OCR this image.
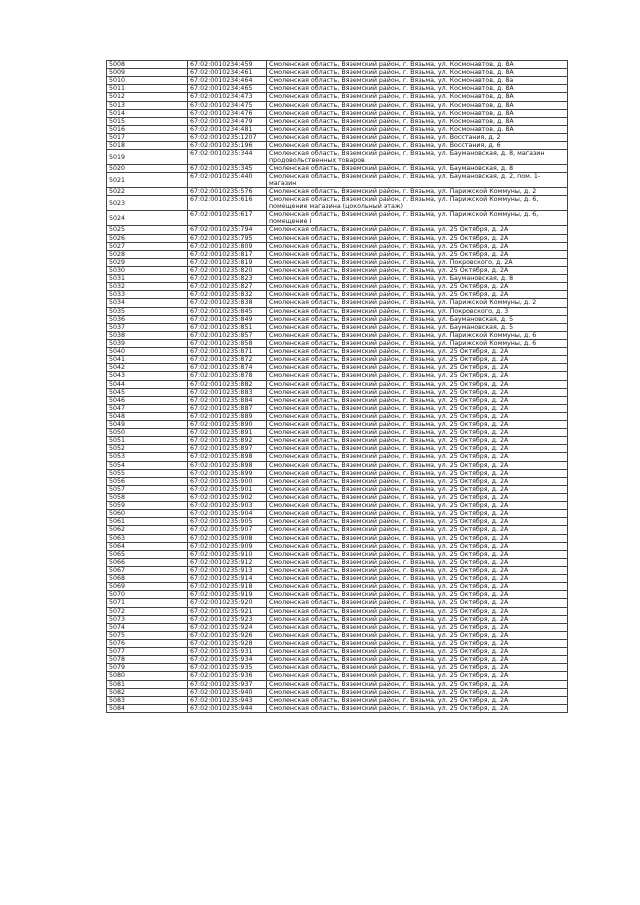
5008	67:02:0010234:459	Смоленская область, Вяземский район, г. Вязьма, ул. Космонавтов, д. 8А
5009	67:02:0010234:461	Смоленская область, Вяземский район, г. Вязьма, ул. Космонавтов, д. 8А
5010	67:02:0010234:464	Смоленская область, Вяземский район, г. Вязьма, ул. Космонавтов, д. 8а
5011	67:02:0010234:465	Смоленская область, Вяземский район, г. Вязьма, ул. Космонавтов, д. 8А
5012	67:02:0010234:473	Смоленская область, Вяземский район, г. Вязьма, ул. Космонавтов, д. 8А
5013	67:02:0010234:475	Смоленская область, Вяземский район, г. Вязьма, ул. Космонавтов, д. 8А
5014	67:02:0010234:476	Смоленская область, Вяземский район, г. Вязьма, ул. Космонавтов, д. 8А
5015	67:02:0010234:479	Смоленская область, Вяземский район, г. Вязьма, ул. Космонавтов, д. 8А
5016	67:02:0010234:481	Смоленская область, Вяземский район, г. Вязьма, ул. Космонавтов, д. 8А
5017	67:02:0010235:1207	Смоленская область, Вяземский район, г. Вязьма, ул. Восстания, д. 2
5018	67:02:0010235:196	Смоленская область, Вяземский район, г. Вязьма, ул. Восстания, д. 6
5019	67:02:0010235:344	Смоленская область, Вяземский район, г. Вязьма, ул. Баумановская, д. 8, магазин продовольственных товаров
5020	67:02:0010235:345	Смоленская область, Вяземский район, г. Вязьма, ул. Баумановская, д. 8
5021	67:02:0010235:440	Смоленская область, Вяземский район, г. Вязьма, ул. Баумановская, д. 2, пом. 1-магазин
5022	67:02:0010235:576	Смоленская область, Вяземский район, г. Вязьма, ул. Парижской Коммуны, д. 2
5023	67:02:0010235:616	Смоленская область, Вяземский район, г. Вязьма, ул. Парижской Коммуны, д. 6, помещение магазина (цокольный этаж)
5024	67:02:0010235:617	Смоленская область, Вяземский район, г. Вязьма, ул. Парижской Коммуны, д. 6, помещение I
5025	67:02:0010235:794	Смоленская область, Вяземский район, г. Вязьма, ул. 25 Октября, д. 2А
5026	67:02:0010235:795	Смоленская область, Вяземский район, г. Вязьма, ул. 25 Октября, д. 2А
5027	67:02:0010235:809	Смоленская область, Вяземский район, г. Вязьма, ул. 25 Октября, д. 2А
5028	67:02:0010235:817	Смоленская область, Вяземский район, г. Вязьма, ул. 25 Октября, д. 2А
5029	67:02:0010235:819	Смоленская область, Вяземский район, г. Вязьма, ул. Покровского, д. 2А
5030	67:02:0010235:820	Смоленская область, Вяземский район, г. Вязьма, ул. 25 Октября, д. 2А
5031	67:02:0010235:823	Смоленская область, Вяземский район, г. Вязьма, ул. Баумановская, д. 8
5032	67:02:0010235:827	Смоленская область, Вяземский район, г. Вязьма, ул. 25 Октября, д. 2А
5033	67:02:0010235:832	Смоленская область, Вяземский район, г. Вязьма, ул. 25 Октября, д. 2А
5034	67:02:0010235:838	Смоленская область, Вяземский район, г. Вязьма, ул. Парижской Коммуны, д. 2
5035	67:02:0010235:845	Смоленская область, Вяземский район, г. Вязьма, ул. Покровского, д. 3
5036	67:02:0010235:849	Смоленская область, Вяземский район, г. Вязьма, ул. Баумановская, д. 5
5037	67:02:0010235:851	Смоленская область, Вяземский район, г. Вязьма, ул. Баумановская, д. 5
5038	67:02:0010235:857	Смоленская область, Вяземский район, г. Вязьма, ул. Парижской Коммуны, д. 6
5039	67:02:0010235:858	Смоленская область, Вяземский район, г. Вязьма, ул. Парижской Коммуны, д. 6
5040	67:02:0010235:871	Смоленская область, Вяземский район, г. Вязьма, ул. 25 Октября, д. 2А
5041	67:02:0010235:872	Смоленская область, Вяземский район, г. Вязьма, ул. 25 Октября, д. 2А
5042	67:02:0010235:874	Смоленская область, Вяземский район, г. Вязьма, ул. 25 Октября, д. 2А
5043	67:02:0010235:878	Смоленская область, Вяземский район, г. Вязьма, ул. 25 Октября, д. 2А
5044	67:02:0010235:882	Смоленская область, Вяземский район, г. Вязьма, ул. 25 Октября, д. 2А
5045	67:02:0010235:883	Смоленская область, Вяземский район, г. Вязьма, ул. 25 Октября, д. 2А
5046	67:02:0010235:884	Смоленская область, Вяземский район, г. Вязьма, ул. 25 Октября, д. 2А
5047	67:02:0010235:887	Смоленская область, Вяземский район, г. Вязьма, ул. 25 Октября, д. 2А
5048	67:02:0010235:889	Смоленская область, Вяземский район, г. Вязьма, ул. 25 Октября, д. 2А
5049	67:02:0010235:890	Смоленская область, Вяземский район, г. Вязьма, ул. 25 Октября, д. 2А
5050	67:02:0010235:891	Смоленская область, Вяземский район, г. Вязьма, ул. 25 Октября, д. 2А
5051	67:02:0010235:892	Смоленская область, Вяземский район, г. Вязьма, ул. 25 Октября, д. 2А
5052	67:02:0010235:897	Смоленская область, Вяземский район, г. Вязьма, ул. 25 Октября, д. 2А
5053	67:02:0010235:898	Смоленская область, Вяземский район, г. Вязьма, ул. 25 Октября, д. 2А
5054	67:02:0010235:898	Смоленская область, Вяземский район, г. Вязьма, ул. 25 Октября, д. 2А
5055	67:02:0010235:899	Смоленская область, Вяземский район, г. Вязьма, ул. 25 Октября, д. 2А
5056	67:02:0010235:900	Смоленская область, Вяземский район, г. Вязьма, ул. 25 Октября, д. 2А
5057	67:02:0010235:901	Смоленская область, Вяземский район, г. Вязьма, ул. 25 Октября, д. 2А
5058	67:02:0010235:902	Смоленская область, Вяземский район, г. Вязьма, ул. 25 Октября, д. 2А
5059	67:02:0010235:903	Смоленская область, Вяземский район, г. Вязьма, ул. 25 Октября, д. 2А
5060	67:02:0010235:904	Смоленская область, Вяземский район, г. Вязьма, ул. 25 Октября, д. 2А
5061	67:02:0010235:905	Смоленская область, Вяземский район, г. Вязьма, ул. 25 Октября, д. 2А
5062	67:02:0010235:907	Смоленская область, Вяземский район, г. Вязьма, ул. 25 Октября, д. 2А
5063	67:02:0010235:908	Смоленская область, Вяземский район, г. Вязьма, ул. 25 Октября, д. 2А
5064	67:02:0010235:909	Смоленская область, Вяземский район, г. Вязьма, ул. 25 Октября, д. 2А
5065	67:02:0010235:910	Смоленская область, Вяземский район, г. Вязьма, ул. 25 Октября, д. 2А
5066	67:02:0010235:912	Смоленская область, Вяземский район, г. Вязьма, ул. 25 Октября, д. 2А
5067	67:02:0010235:913	Смоленская область, Вяземский район, г. Вязьма, ул. 25 Октября, д. 2А
5068	67:02:0010235:914	Смоленская область, Вяземский район, г. Вязьма, ул. 25 Октября, д. 2А
5069	67:02:0010235:918	Смоленская область, Вяземский район, г. Вязьма, ул. 25 Октября, д. 2А
5070	67:02:0010235:919	Смоленская область, Вяземский район, г. Вязьма, ул. 25 Октября, д. 2А
5071	67:02:0010235:920	Смоленская область, Вяземский район, г. Вязьма, ул. 25 Октября, д. 2А
5072	67:02:0010235:921	Смоленская область, Вяземский район, г. Вязьма, ул. 25 Октября, д. 2А
5073	67:02:0010235:923	Смоленская область, Вяземский район, г. Вязьма, ул. 25 Октября, д. 2А
5074	67:02:0010235:924	Смоленская область, Вяземский район, г. Вязьма, ул. 25 Октября, д. 2А
5075	67:02:0010235:926	Смоленская область, Вяземский район, г. Вязьма, ул. 25 Октября, д. 2А
5076	67:02:0010235:928	Смоленская область, Вяземский район, г. Вязьма, ул. 25 Октября, д. 2А
5077	67:02:0010235:931	Смоленская область, Вяземский район, г. Вязьма, ул. 25 Октября, д. 2А
5078	67:02:0010235:934	Смоленская область, Вяземский район, г. Вязьма, ул. 25 Октября, д. 2А
5079	67:02:0010235:935	Смоленская область, Вяземский район, г. Вязьма, ул. 25 Октября, д. 2А
5080	67:02:0010235:936	Смоленская область, Вяземский район, г. Вязьма, ул. 25 Октября, д. 2А
5081	67:02:0010235:937	Смоленская область, Вяземский район, г. Вязьма, ул. 25 Октября, д. 2А
5082	67:02:0010235:940	Смоленская область, Вяземский район, г. Вязьма, ул. 25 Октября, д. 2А
5083	67:02:0010235:943	Смоленская область, Вяземский район, г. Вязьма, ул. 25 Октября, д. 2А
5084	67:02:0010235:944	Смоленская область, Вяземский район, г. Вязьма, ул. 25 Октября, д. 2А
